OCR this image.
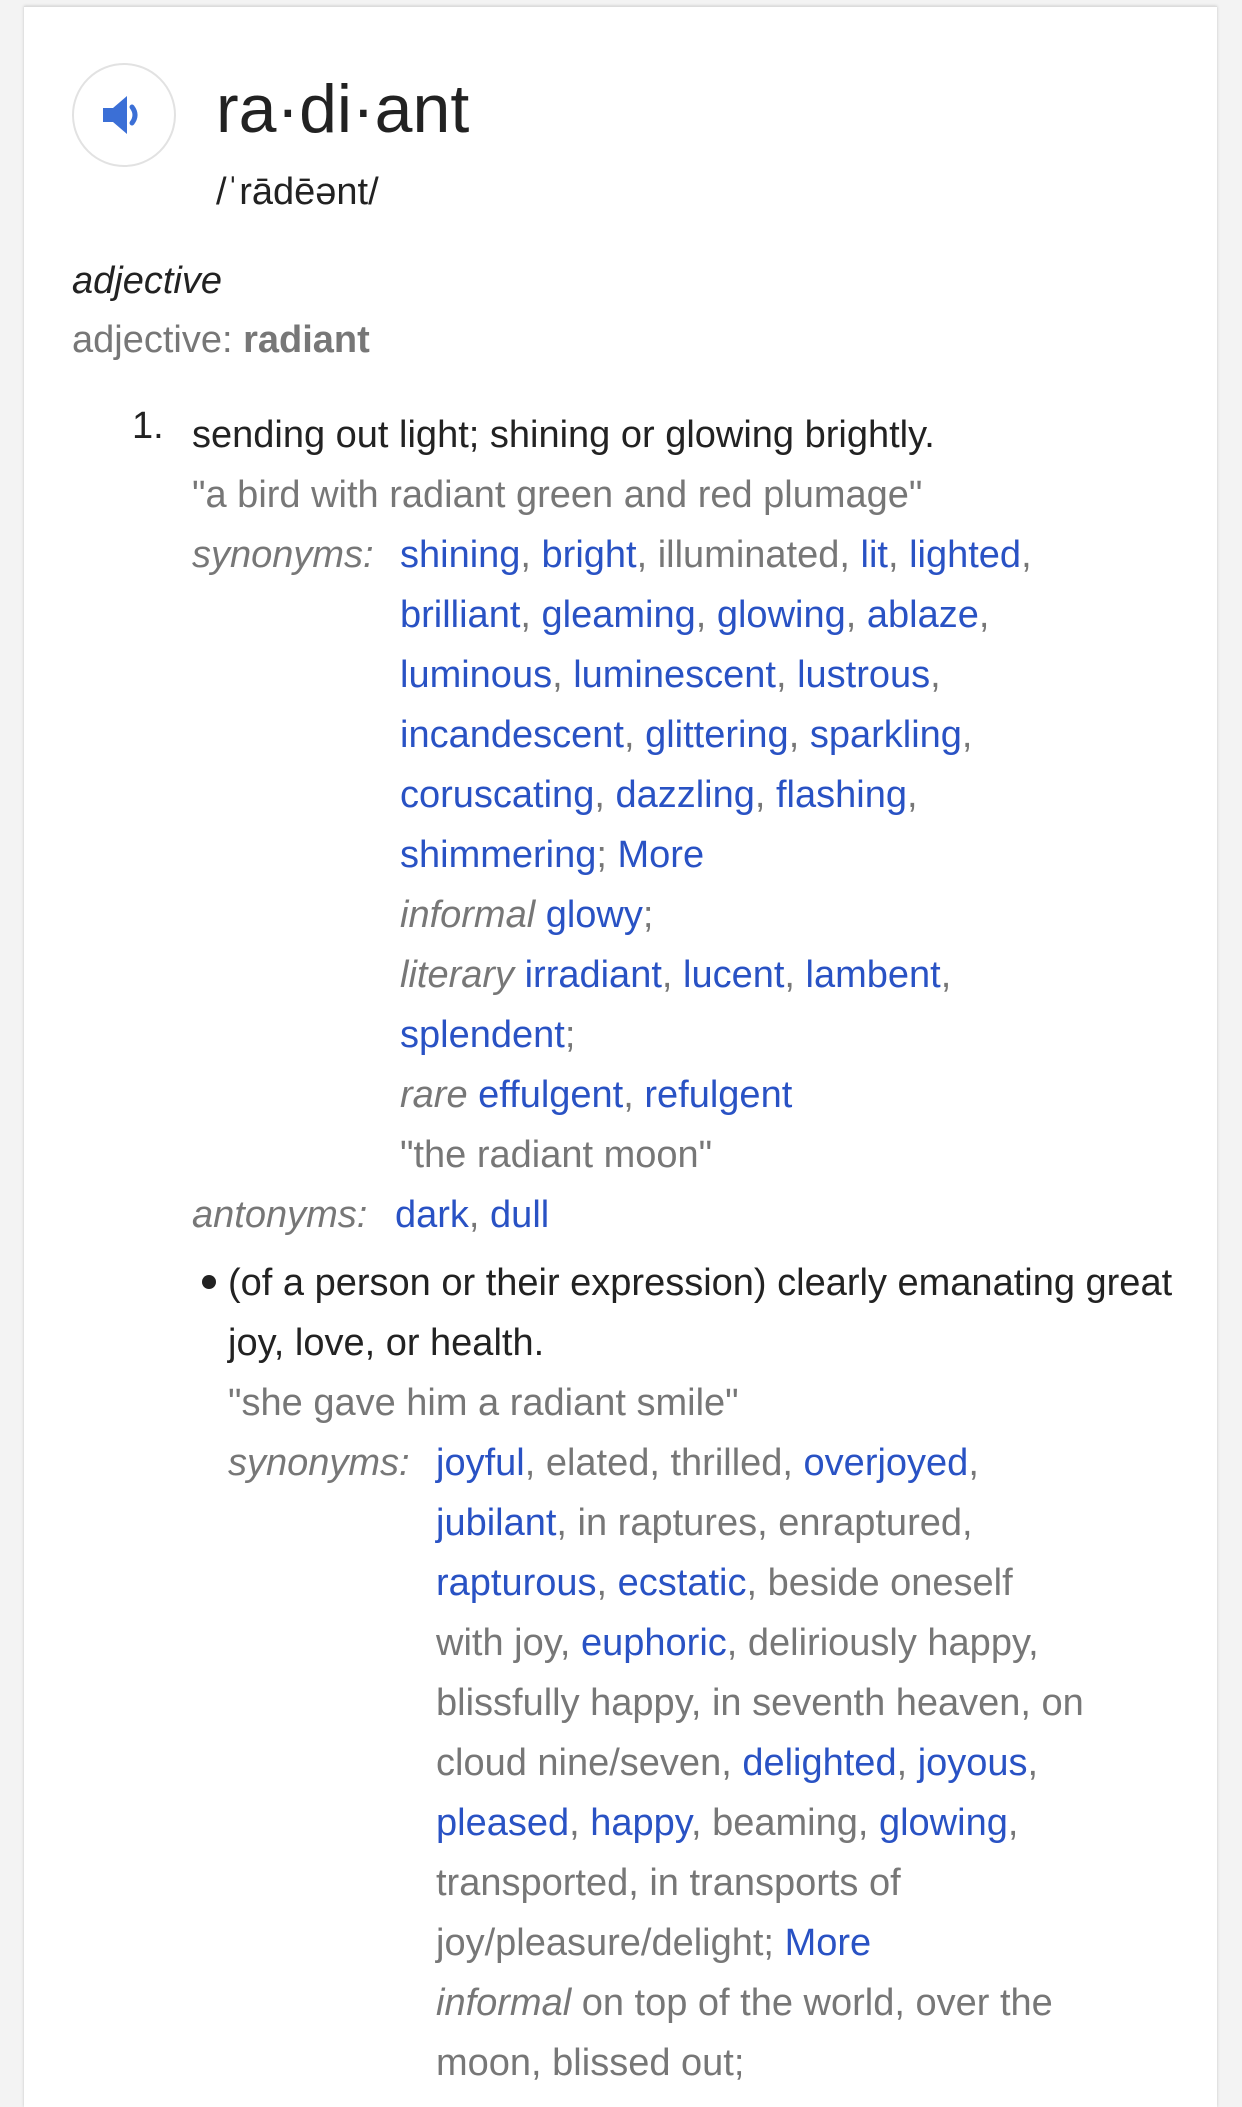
ra·di·ant
/ˈrādēənt/
adjective
adjective: radiant
1. sending out light; shining or glowing brightly.
"a bird with radiant green and red plumage"
synonyms: shining, bright, illuminated, lit, lighted,
brilliant, gleaming, glowing, ablaze,
luminous, luminescent, lustrous,
incandescent, glittering, sparkling,
coruscating, dazzling, flashing,
shimmering; More
informal glowy;
literary irradiant, lucent, lambent,
splendent;
rare effulgent, refulgent
"the radiant moon"
antonyms: dark, dull
(of a person or their expression) clearly emanating great joy, love, or health.
"she gave him a radiant smile"
synonyms: joyful, elated, thrilled, overjoyed,
jubilant, in raptures, enraptured,
rapturous, ecstatic, beside oneself
with joy, euphoric, deliriously happy,
blissfully happy, in seventh heaven, on
cloud nine/seven, delighted, joyous,
pleased, happy, beaming, glowing,
transported, in transports of
joy/pleasure/delight; More
informal on top of the world, over the
moon, blissed out;
